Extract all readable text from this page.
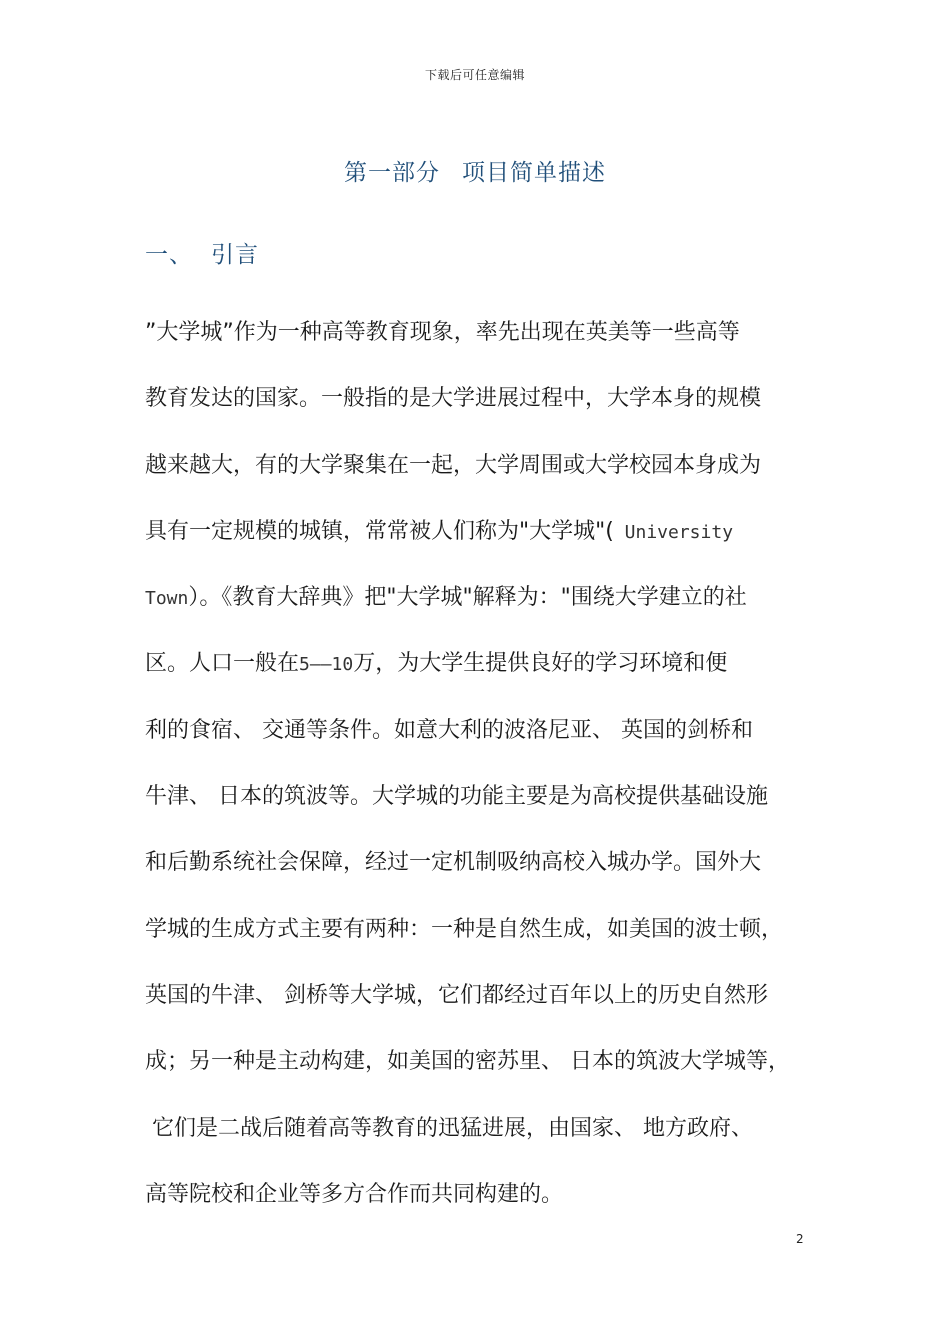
下载后可任意编辑
第一部分 项目简单描述
一、 引言
”大学城”作为一种高等教育现象，率先出现在英美等一些高等
教育发达的国家。一般指的是大学进展过程中，大学本身的规模
越来越大，有的大学聚集在一起，大学周围或大学校园本身成为
具有一定规模的城镇，常常被人们称为"大学城"( University
Town）。《教育大辞典》把"大学城"解释为："围绕大学建立的社
区。人口一般在5——10万，为大学生提供良好的学习环境和便
利的食宿、 交通等条件。如意大利的波洛尼亚、 英国的剑桥和
牛津、 日本的筑波等。大学城的功能主要是为高校提供基础设施
和后勤系统社会保障，经过一定机制吸纳高校入城办学。国外大
学城的生成方式主要有两种：一种是自然生成，如美国的波士顿，
英国的牛津、 剑桥等大学城，它们都经过百年以上的历史自然形
成；另一种是主动构建，如美国的密苏里、 日本的筑波大学城等，
它们是二战后随着高等教育的迅猛进展，由国家、 地方政府、
高等院校和企业等多方合作而共同构建的。
2
